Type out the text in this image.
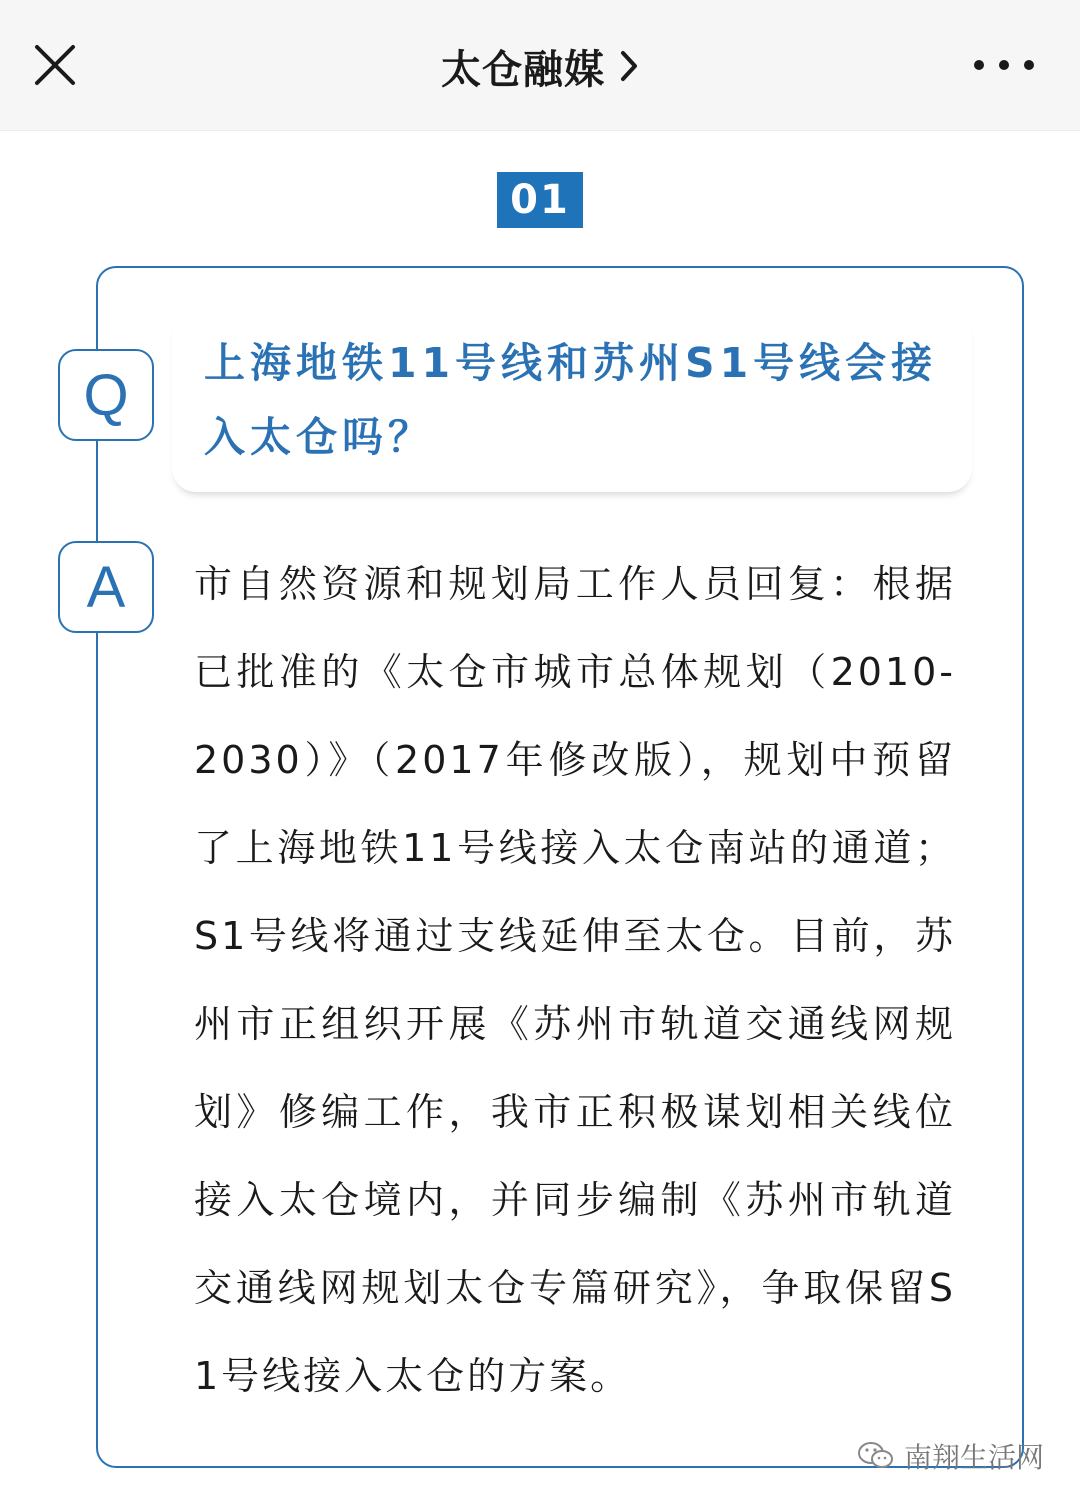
太仓融媒
01
上海地铁11号线和苏州S1号线会接入太仓吗？
Q
A	市自然资源和规划局工作人员回复：根据已批准的《太仓市城市总体规划（2010-2030）》（2017年修改版），规划中预留了上海地铁11号线接入太仓南站的通道；S1号线将通过支线延伸至太仓。目前，苏州市正组织开展《苏州市轨道交通线网规划》修编工作，我市正积极谋划相关线位接入太仓境内，并同步编制《苏州市轨道交通线网规划太仓专篇研究》，争取保留S1号线接入太仓的方案。
南翔生活网
